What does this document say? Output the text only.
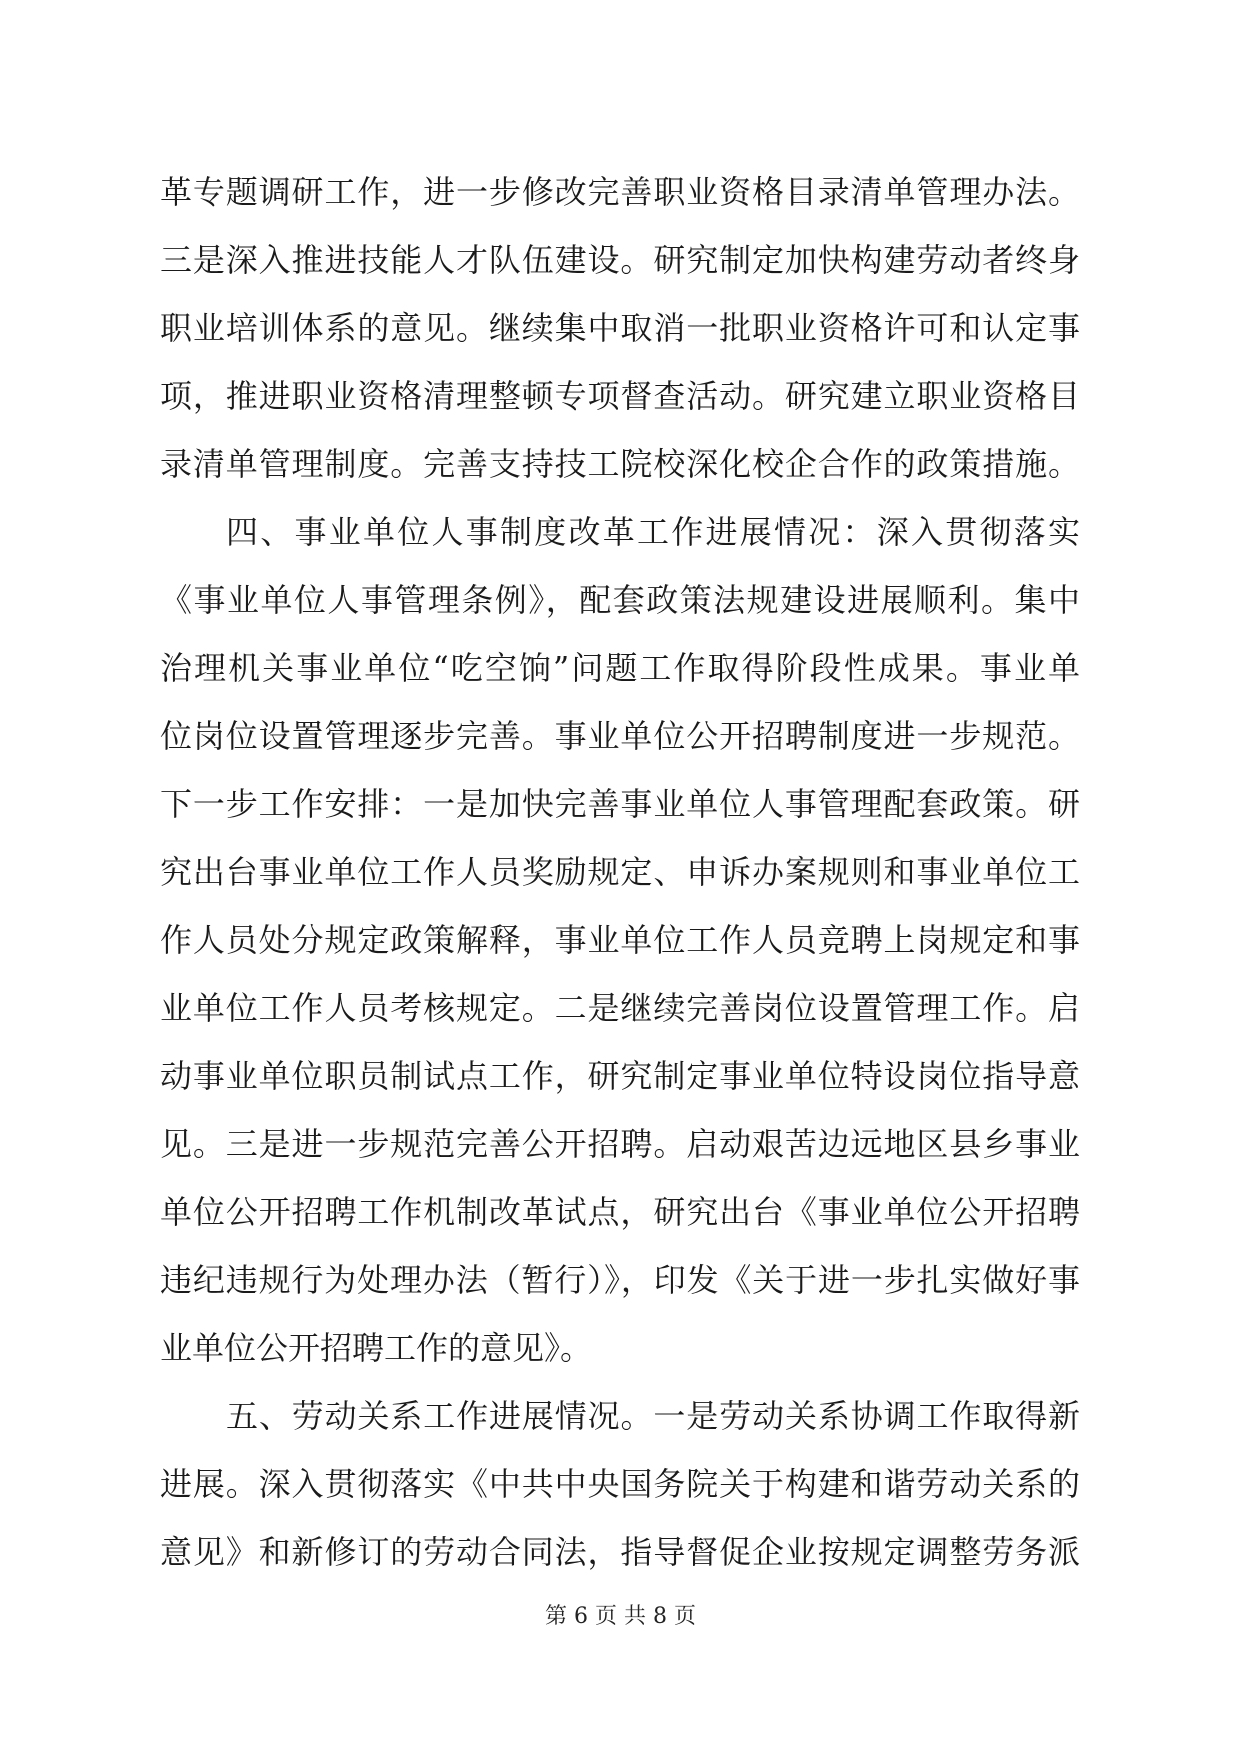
革专题调研工作，进一步修改完善职业资格目录清单管理办法。
三是深入推进技能人才队伍建设。研究制定加快构建劳动者终身
职业培训体系的意见。继续集中取消一批职业资格许可和认定事
项，推进职业资格清理整顿专项督查活动。研究建立职业资格目
录清单管理制度。完善支持技工院校深化校企合作的政策措施。
四、事业单位人事制度改革工作进展情况：深入贯彻落实
《事业单位人事管理条例》，配套政策法规建设进展顺利。集中
治理机关事业单位“吃空饷”问题工作取得阶段性成果。事业单
位岗位设置管理逐步完善。事业单位公开招聘制度进一步规范。
下一步工作安排：一是加快完善事业单位人事管理配套政策。研
究出台事业单位工作人员奖励规定、申诉办案规则和事业单位工
作人员处分规定政策解释，事业单位工作人员竞聘上岗规定和事
业单位工作人员考核规定。二是继续完善岗位设置管理工作。启
动事业单位职员制试点工作，研究制定事业单位特设岗位指导意
见。三是进一步规范完善公开招聘。启动艰苦边远地区县乡事业
单位公开招聘工作机制改革试点，研究出台《事业单位公开招聘
违纪违规行为处理办法（暂行）》，印发《关于进一步扎实做好事
业单位公开招聘工作的意见》。
五、劳动关系工作进展情况。一是劳动关系协调工作取得新
进展。深入贯彻落实《中共中央国务院关于构建和谐劳动关系的
意见》和新修订的劳动合同法，指导督促企业按规定调整劳务派
第 6 页 共 8 页
